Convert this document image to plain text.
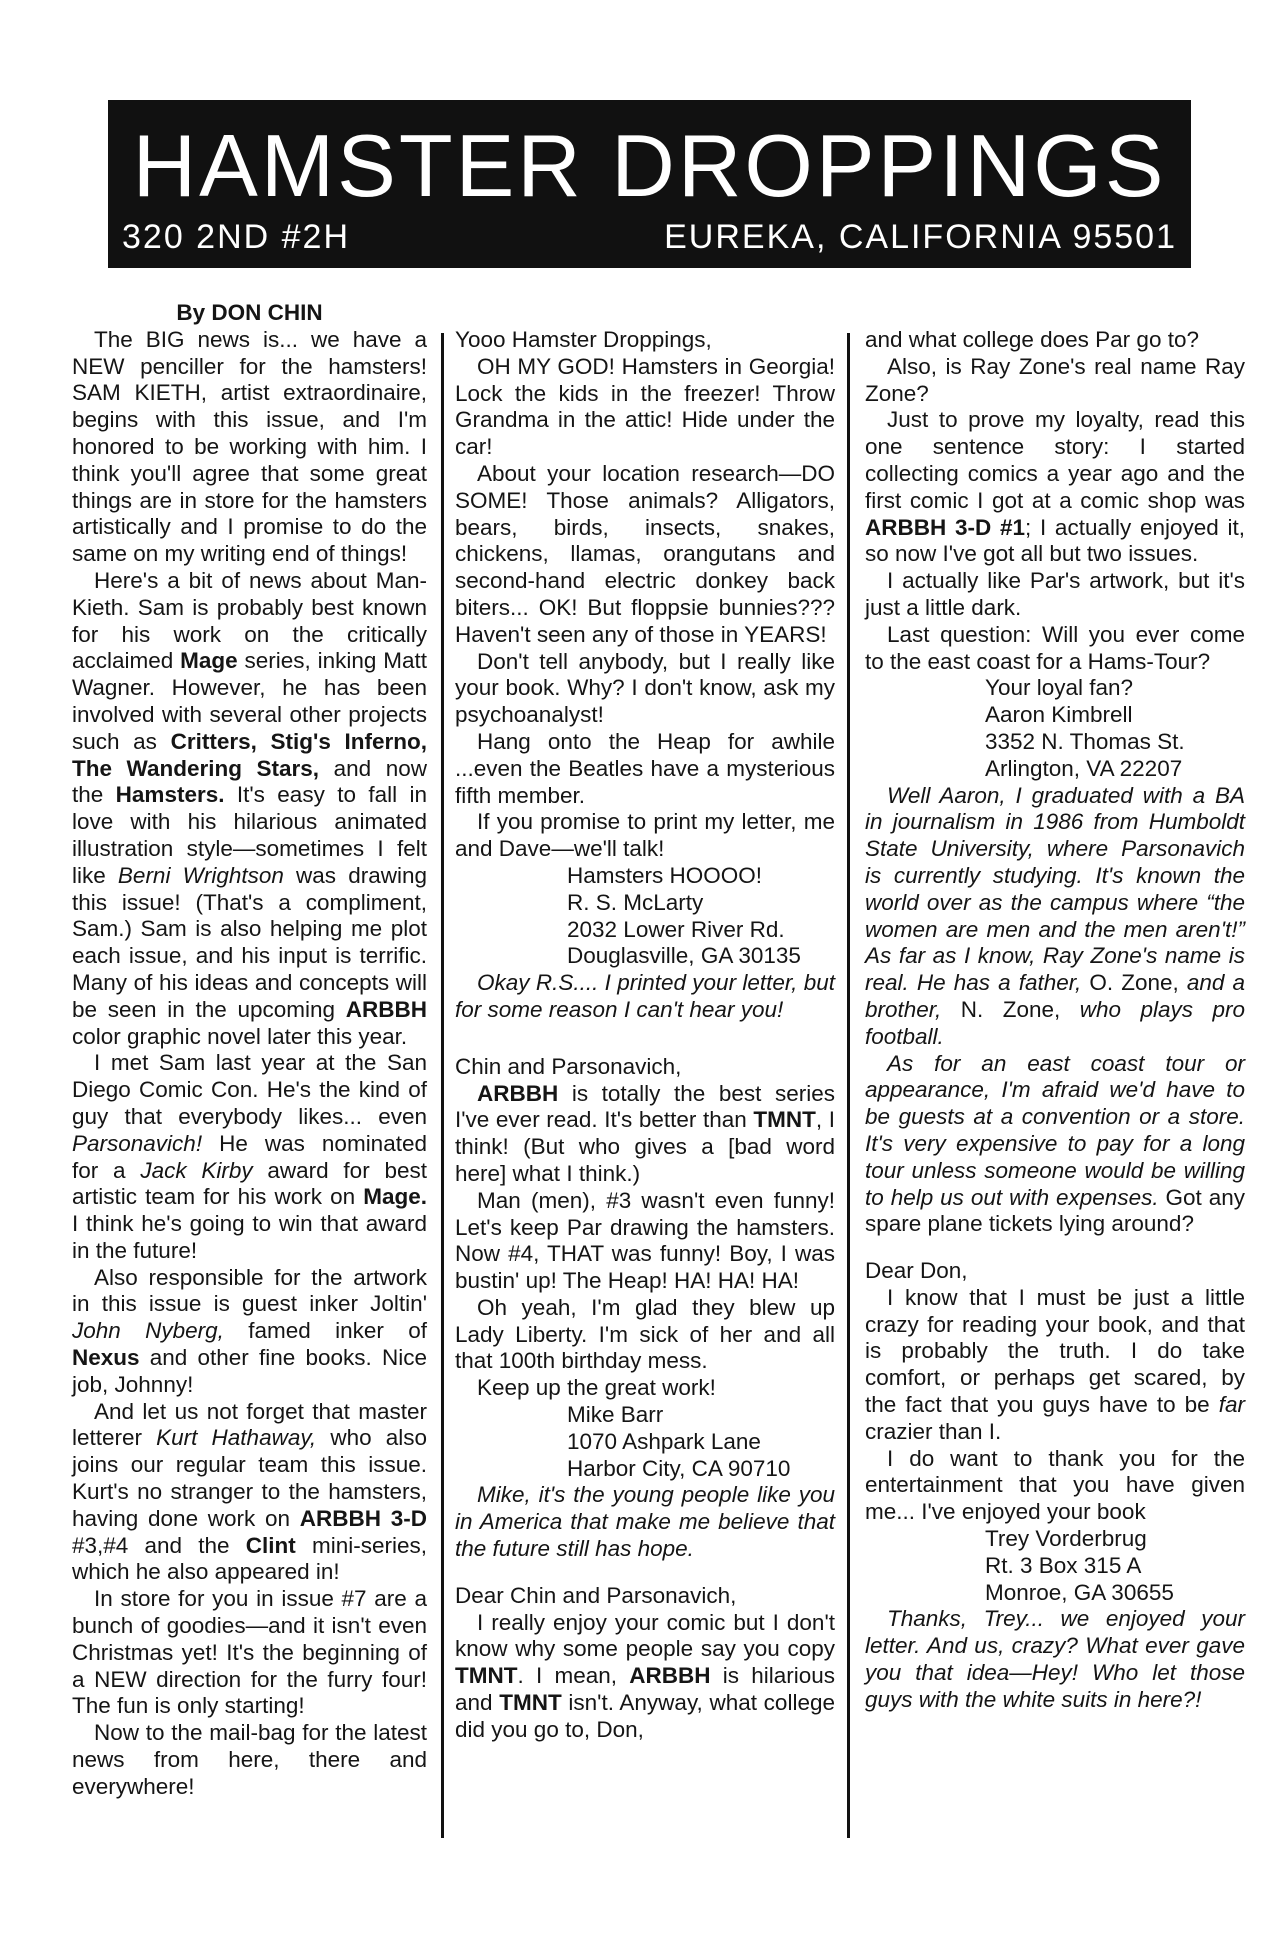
HAMSTER DROPPINGS
320 2ND #2H	EUREKA, CALIFORNIA 95501

By DON CHIN

The BIG news is... we have a NEW penciller for the hamsters! SAM KIETH, artist extraordinaire, begins with this issue, and I'm honored to be working with him. I think you'll agree that some great things are in store for the hamsters artistically and I promise to do the same on my writing end of things!

Here's a bit of news about Man-Kieth. Sam is probably best known for his work on the critically acclaimed Mage series, inking Matt Wagner. However, he has been involved with several other projects such as Critters, Stig's Inferno, The Wandering Stars, and now the Hamsters. It's easy to fall in love with his hilarious animated illustration style—sometimes I felt like Berni Wrightson was drawing this issue! (That's a compliment, Sam.) Sam is also helping me plot each issue, and his input is terrific. Many of his ideas and concepts will be seen in the upcoming ARBBH color graphic novel later this year.

I met Sam last year at the San Diego Comic Con. He's the kind of guy that everybody likes... even Parsonavich! He was nominated for a Jack Kirby award for best artistic team for his work on Mage. I think he's going to win that award in the future!

Also responsible for the artwork in this issue is guest inker Joltin' John Nyberg, famed inker of Nexus and other fine books. Nice job, Johnny!

And let us not forget that master letterer Kurt Hathaway, who also joins our regular team this issue. Kurt's no stranger to the hamsters, having done work on ARBBH 3-D #3,#4 and the Clint mini-series, which he also appeared in!

In store for you in issue #7 are a bunch of goodies—and it isn't even Christmas yet! It's the beginning of a NEW direction for the furry four! The fun is only starting!

Now to the mail-bag for the latest news from here, there and everywhere!

Yooo Hamster Droppings,

OH MY GOD! Hamsters in Georgia! Lock the kids in the freezer! Throw Grandma in the attic! Hide under the car!

About your location research—DO SOME! Those animals? Alligators, bears, birds, insects, snakes, chickens, llamas, orangutans and second-hand electric donkey back biters... OK! But floppsie bunnies??? Haven't seen any of those in YEARS!

Don't tell anybody, but I really like your book. Why? I don't know, ask my psychoanalyst!

Hang onto the Heap for awhile ...even the Beatles have a mysterious fifth member.

If you promise to print my letter, me and Dave—we'll talk!

Hamsters HOOOO!

R. S. McLarty

2032 Lower River Rd.

Douglasville, GA 30135

Okay R.S.... I printed your letter, but for some reason I can't hear you!

Chin and Parsonavich,

ARBBH is totally the best series I've ever read. It's better than TMNT, I think! (But who gives a [bad word here] what I think.)

Man (men), #3 wasn't even funny! Let's keep Par drawing the hamsters. Now #4, THAT was funny! Boy, I was bustin' up! The Heap! HA! HA! HA!

Oh yeah, I'm glad they blew up Lady Liberty. I'm sick of her and all that 100th birthday mess.

Keep up the great work!

Mike Barr

1070 Ashpark Lane

Harbor City, CA 90710

Mike, it's the young people like you in America that make me believe that the future still has hope.

Dear Chin and Parsonavich,

I really enjoy your comic but I don't know why some people say you copy TMNT. I mean, ARBBH is hilarious and TMNT isn't. Anyway, what college did you go to, Don,

and what college does Par go to?

Also, is Ray Zone's real name Ray Zone?

Just to prove my loyalty, read this one sentence story: I started collecting comics a year ago and the first comic I got at a comic shop was ARBBH 3-D #1; I actually enjoyed it, so now I've got all but two issues.

I actually like Par's artwork, but it's just a little dark.

Last question: Will you ever come to the east coast for a Hams-Tour?

Your loyal fan?

Aaron Kimbrell

3352 N. Thomas St.

Arlington, VA 22207

Well Aaron, I graduated with a BA in journalism in 1986 from Humboldt State University, where Parsonavich is currently studying. It's known the world over as the campus where “the women are men and the men aren't!” As far as I know, Ray Zone's name is real. He has a father, O. Zone, and a brother, N. Zone, who plays pro football.

As for an east coast tour or appearance, I'm afraid we'd have to be guests at a convention or a store. It's very expensive to pay for a long tour unless someone would be willing to help us out with expenses. Got any spare plane tickets lying around?

Dear Don,

I know that I must be just a little crazy for reading your book, and that is probably the truth. I do take comfort, or perhaps get scared, by the fact that you guys have to be far crazier than I.

I do want to thank you for the entertainment that you have given me... I've enjoyed your book

Trey Vorderbrug

Rt. 3 Box 315 A

Monroe, GA 30655

Thanks, Trey... we enjoyed your letter. And us, crazy? What ever gave you that idea—Hey! Who let those guys with the white suits in here?!
